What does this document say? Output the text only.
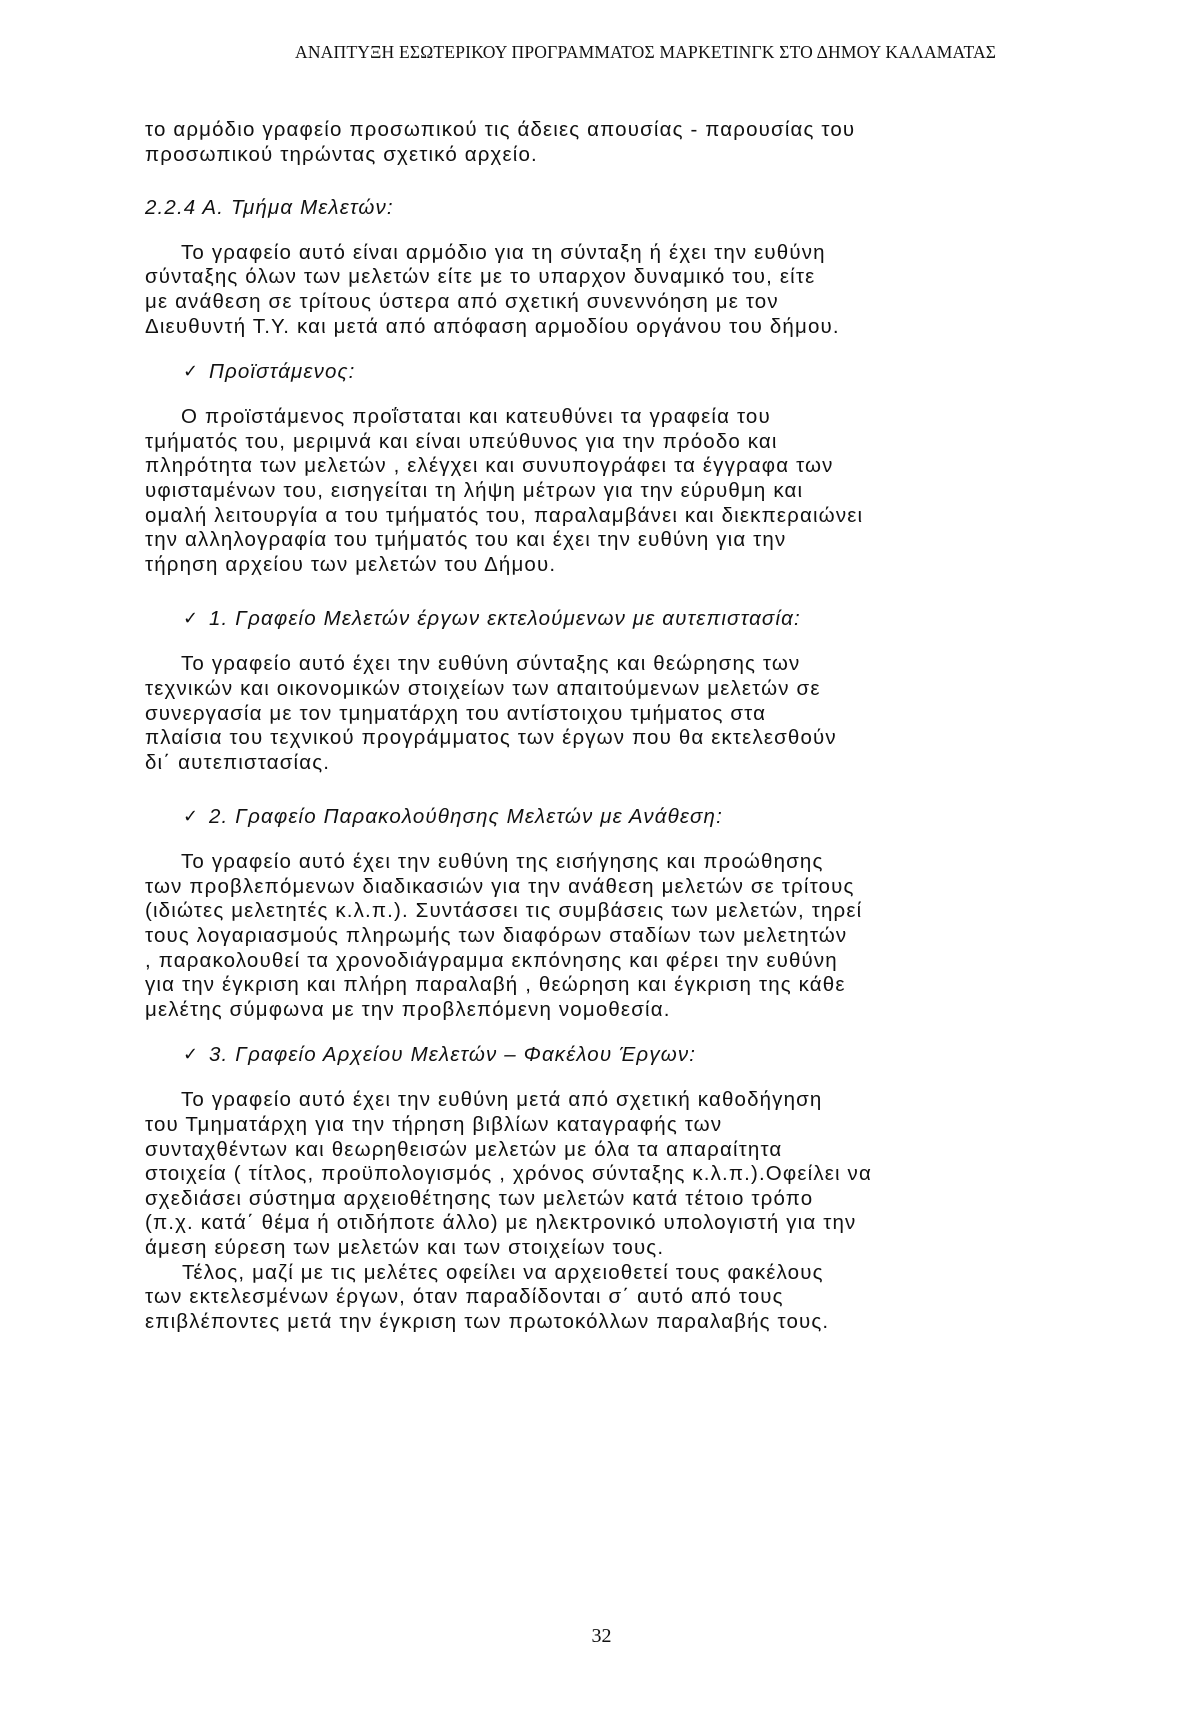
ΑΝΑΠΤΥΞΗ ΕΣΩΤΕΡΙΚΟΥ ΠΡΟΓΡΑΜΜΑΤΟΣ ΜΑΡΚΕΤΙΝΓΚ ΣΤΟ ΔΗΜΟΥ ΚΑΛΑΜΑΤΑΣ
το αρμόδιο γραφείο προσωπικού τις άδειες απουσίας - παρουσίας του
προσωπικού τηρώντας σχετικό αρχείο.
2.2.4 Α. Τμήμα Μελετών:
Το γραφείο αυτό είναι αρμόδιο για τη σύνταξη ή έχει την ευθύνη
σύνταξης όλων των μελετών είτε με το υπαρχον δυναμικό του, είτε
με ανάθεση σε τρίτους ύστερα από σχετική συνεννόηση με τον
Διευθυντή Τ.Υ. και μετά από απόφαση αρμοδίου οργάνου του δήμου.
✓ Προϊστάμενος:
Ο προϊστάμενος προΐσταται και κατευθύνει τα γραφεία του
τμήματός του, μεριμνά και είναι υπεύθυνος για την πρόοδο και
πληρότητα των μελετών , ελέγχει και συνυπογράφει τα έγγραφα των
υφισταμένων του, εισηγείται τη λήψη μέτρων για την εύρυθμη και
ομαλή λειτουργία α του τμήματός του, παραλαμβάνει και διεκπεραιώνει
την αλληλογραφία του τμήματός του και έχει την ευθύνη για την
τήρηση αρχείου των μελετών του Δήμου.
✓ 1. Γραφείο Μελετών έργων εκτελούμενων με αυτεπιστασία:
Το γραφείο αυτό έχει την ευθύνη σύνταξης και θεώρησης των
τεχνικών και οικονομικών στοιχείων των απαιτούμενων μελετών σε
συνεργασία με τον τμηματάρχη του αντίστοιχου τμήματος στα
πλαίσια του τεχνικού προγράμματος των έργων που θα εκτελεσθούν
δι΄ αυτεπιστασίας.
✓ 2. Γραφείο Παρακολούθησης Μελετών με Ανάθεση:
Το γραφείο αυτό έχει την ευθύνη της εισήγησης και προώθησης
των προβλεπόμενων διαδικασιών για την ανάθεση μελετών σε τρίτους
(ιδιώτες μελετητές κ.λ.π.). Συντάσσει τις συμβάσεις των μελετών, τηρεί
τους λογαριασμούς πληρωμής των διαφόρων σταδίων των μελετητών
, παρακολουθεί τα χρονοδιάγραμμα εκπόνησης και φέρει την ευθύνη
για την έγκριση και πλήρη παραλαβή , θεώρηση και έγκριση της κάθε
μελέτης σύμφωνα με την προβλεπόμενη νομοθεσία.
✓ 3. Γραφείο Αρχείου Μελετών – Φακέλου Έργων:
Το γραφείο αυτό έχει την ευθύνη μετά από σχετική καθοδήγηση
του Τμηματάρχη για την τήρηση βιβλίων καταγραφής των
συνταχθέντων και θεωρηθεισών μελετών με όλα τα απαραίτητα
στοιχεία ( τίτλος, προϋπολογισμός , χρόνος σύνταξης κ.λ.π.).Οφείλει να
σχεδιάσει σύστημα αρχειοθέτησης των μελετών κατά τέτοιο τρόπο
(π.χ. κατά΄ θέμα ή οτιδήποτε άλλο) με ηλεκτρονικό υπολογιστή για την
άμεση εύρεση των μελετών και των στοιχείων τους.
Τέλος, μαζί με τις μελέτες οφείλει να αρχειοθετεί τους φακέλους
των εκτελεσμένων έργων, όταν παραδίδονται σ΄ αυτό από τους
επιβλέποντες μετά την έγκριση των πρωτοκόλλων παραλαβής τους.
32
